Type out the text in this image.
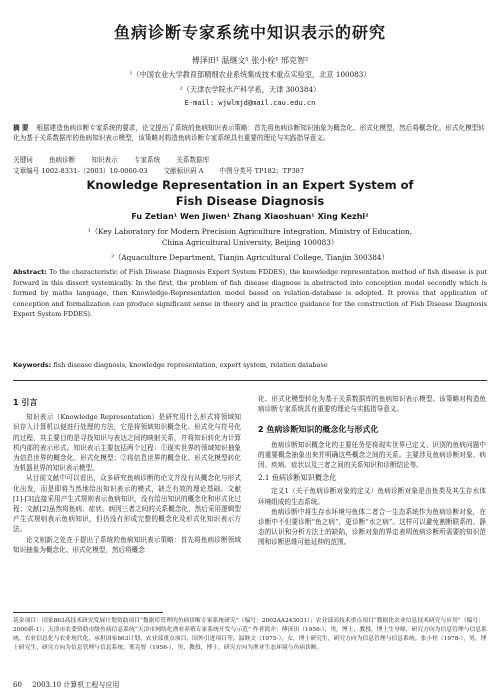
鱼病诊断专家系统中知识表示的研究
傅泽田¹ 温继文¹ 张小栓¹ 邢克智²
¹（中国农业大学教育部精细农业系统集成技术重点实验室，北京 100083）
²（天津农学院水产科学系，天津 300384）
E-mail: wjwlmjd@mail.cau.edu.cn
摘 要 根据建造鱼病诊断专家系统的要求，论文提出了系统的鱼病知识表示策略：首先将鱼病诊断知识抽象为概念化、形式化模型，然后将概念化、形式化模型转化为基于关系数据库的鱼病知识表示模型，该策略对构造鱼病诊断专家系统具有重要的理论与实践指导意义。
关键词 鱼病诊断 知识表示 专家系统 关系数据库
文章编号 1002-8331-（2003）10-0060-03 文献标识码 A 中图分类号 TP182；TP387
Knowledge Representation in an Expert System of
Fish Disease Diagnosis
Fu Zetian¹ Wen Jiwen¹ Zhang Xiaoshuan¹ Xing Kezhi²
¹（Key Laboratory for Modern Precision Agriculture Integration, Ministry of Education,
China Agricultural University, Beijing 100083）
²（Aquaculture Department, Tianjin Agricultural College, Tianjin 300384）
Abstract: To the characteristic of Fish Disease Diagnosis Expert System FDDES), the knowledge representation method of fish disease is put forward in this dissert systemically. In the first, the problem of fish disease diagnose is abstracted into conception model secondly which is formed by maths language, then Knowledge-Representation model based on relation-database is adopted. It proves that application of conception and formalization can produce significant sense in theory and in practice guidance for the construction of Fish Disease Diagnosis Expert System FDDES).
Keywords: fish disease diagnosis, knowledge representation, expert system, relation database
1 引言

知识表示（Knowledge Representation）是研究用什么形式将领域知识存入计算机以便进行处理的方法，它是将领域知识概念化、形式化与符号化的过程，其主要目的是寻找知识与表达之间的映射关系，并将知识转化为计算机内部的表示形式。知识表示主要包括两个过程：①现实世界的领域知识抽象为信息世界的概念化、形式化模型；②将信息世界的概念化、形式化模型转化为机器世界的知识表示模型。

从目前文献中可以看出，众多研究鱼病诊断的论文并没有从概念化与形式化出发，而是即将当然地给出知识表示的模式，缺乏有效的理论基础。文献[1]-[3]直接采用产生式规则表示鱼病知识，没有给出知识的概念化和形式化过程；文献[2]虽然将鱼病、症状、病因三者之间的关系概念化，然后采用逻辑型产生式规则表示鱼病知识，但仍没有形成完整的概念化及形式化知识表示方法。

论文则新之处在于提出了系统的鱼病知识表示策略：首先将鱼病诊断领域知识抽象为概念化、形式化模型，然后将概念

化、形式化模型转化为基于关系数据库的鱼病知识表示模型。该策略对构造鱼病诊断专家系统具有重要的理论与实践指导意义。

2 鱼病诊断知识的概念化与形式化

鱼病诊断知识概念化的主要任务是将现实世界已定义、识别的鱼病问题中的重要概念抽象出来并明确这些概念之间的关系。主要涉及鱼病诊断对象、病因、疾病、症状以及三者之间的关系知识和诊断结论等。

2.1 鱼病诊断知识概念化

定义1（关于鱼病诊断对象的定义）鱼病诊断对象是由鱼类及其生存水体环境组成的生态系统。

鱼病诊断中将生存水环境与鱼体二者合一生态系统作为鱼病诊断对象，在诊断中不但要诊断“鱼之病”，更诊断“水之病”。这样可以避免割断联系的、静态的认识和分析方法上的缺陷，诊断对象的界定表明鱼病诊断所需要的知识范围和诊断思维可能延伸的范围。

基金项目：国家863高技术研究发展计划资助项目“数据库管理的鱼病诊断专家系统研究”（编号：2002AA243031）；农业部高技术重点项目“数据化农业信息技术研究与应用”（编号：2000新-1）；天津市农委资助市级鱼病信息系统“天津市网络化渔业养殖专家系统开发与示范” 作者简介：傅泽田（1956-），男，博士，教授，博士生导师，研究方向为信息管理与信息系统、农业信息化与农业现代化，承担国家863计划、农业部重点项目、国外引进项目等。温继文（1975-），女，博士研究生，研究方向为信息管理与信息系统。张小栓（1978-），男，博士研究生，研究方向为信息管理与信息系统。邢克智（1956-），男，教授，博士，研究方向为渔业生态环境与鱼病诊断。
60 2003.10 计算机工程与应用
